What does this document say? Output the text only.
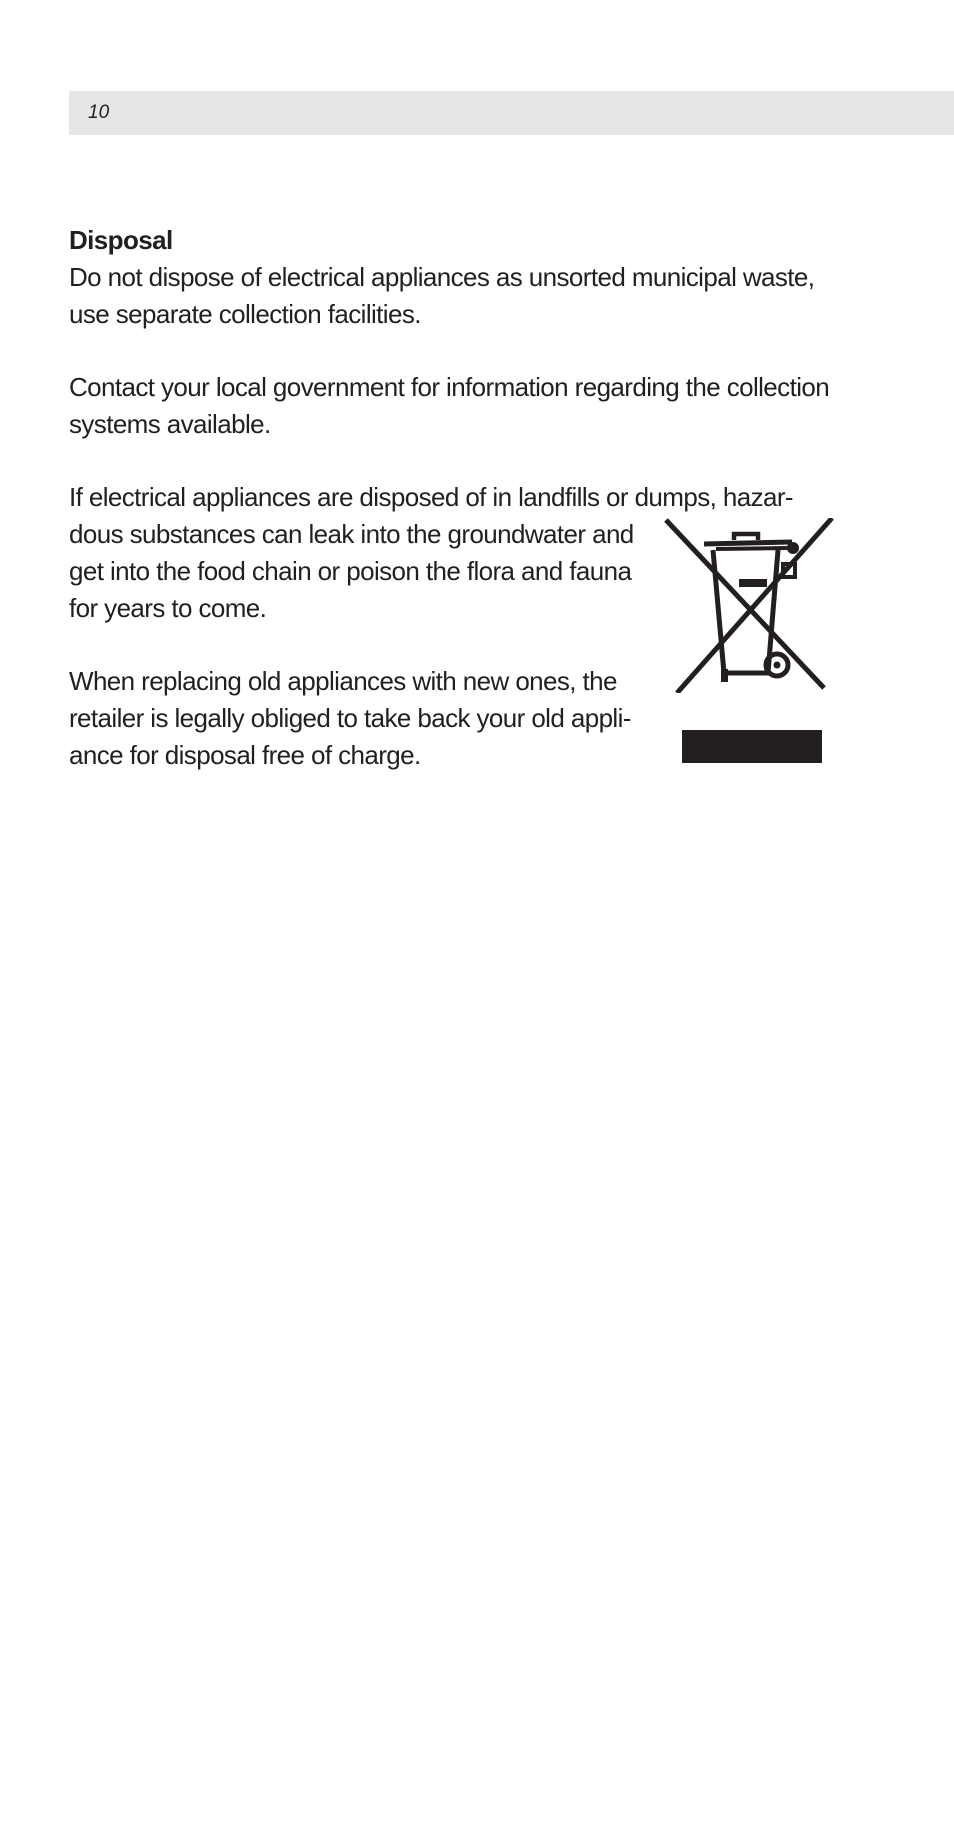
10
Disposal

Do not dispose of electrical appliances as unsorted municipal waste,
use separate collection facilities.

Contact your local government for information regarding the collection
systems available.

If electrical appliances are disposed of in landfills or dumps, hazar-
dous substances can leak into the groundwater and
get into the food chain or poison the flora and fauna
for years to come.

When replacing old appliances with new ones, the
retailer is legally obliged to take back your old appli-
ance for disposal free of charge.
